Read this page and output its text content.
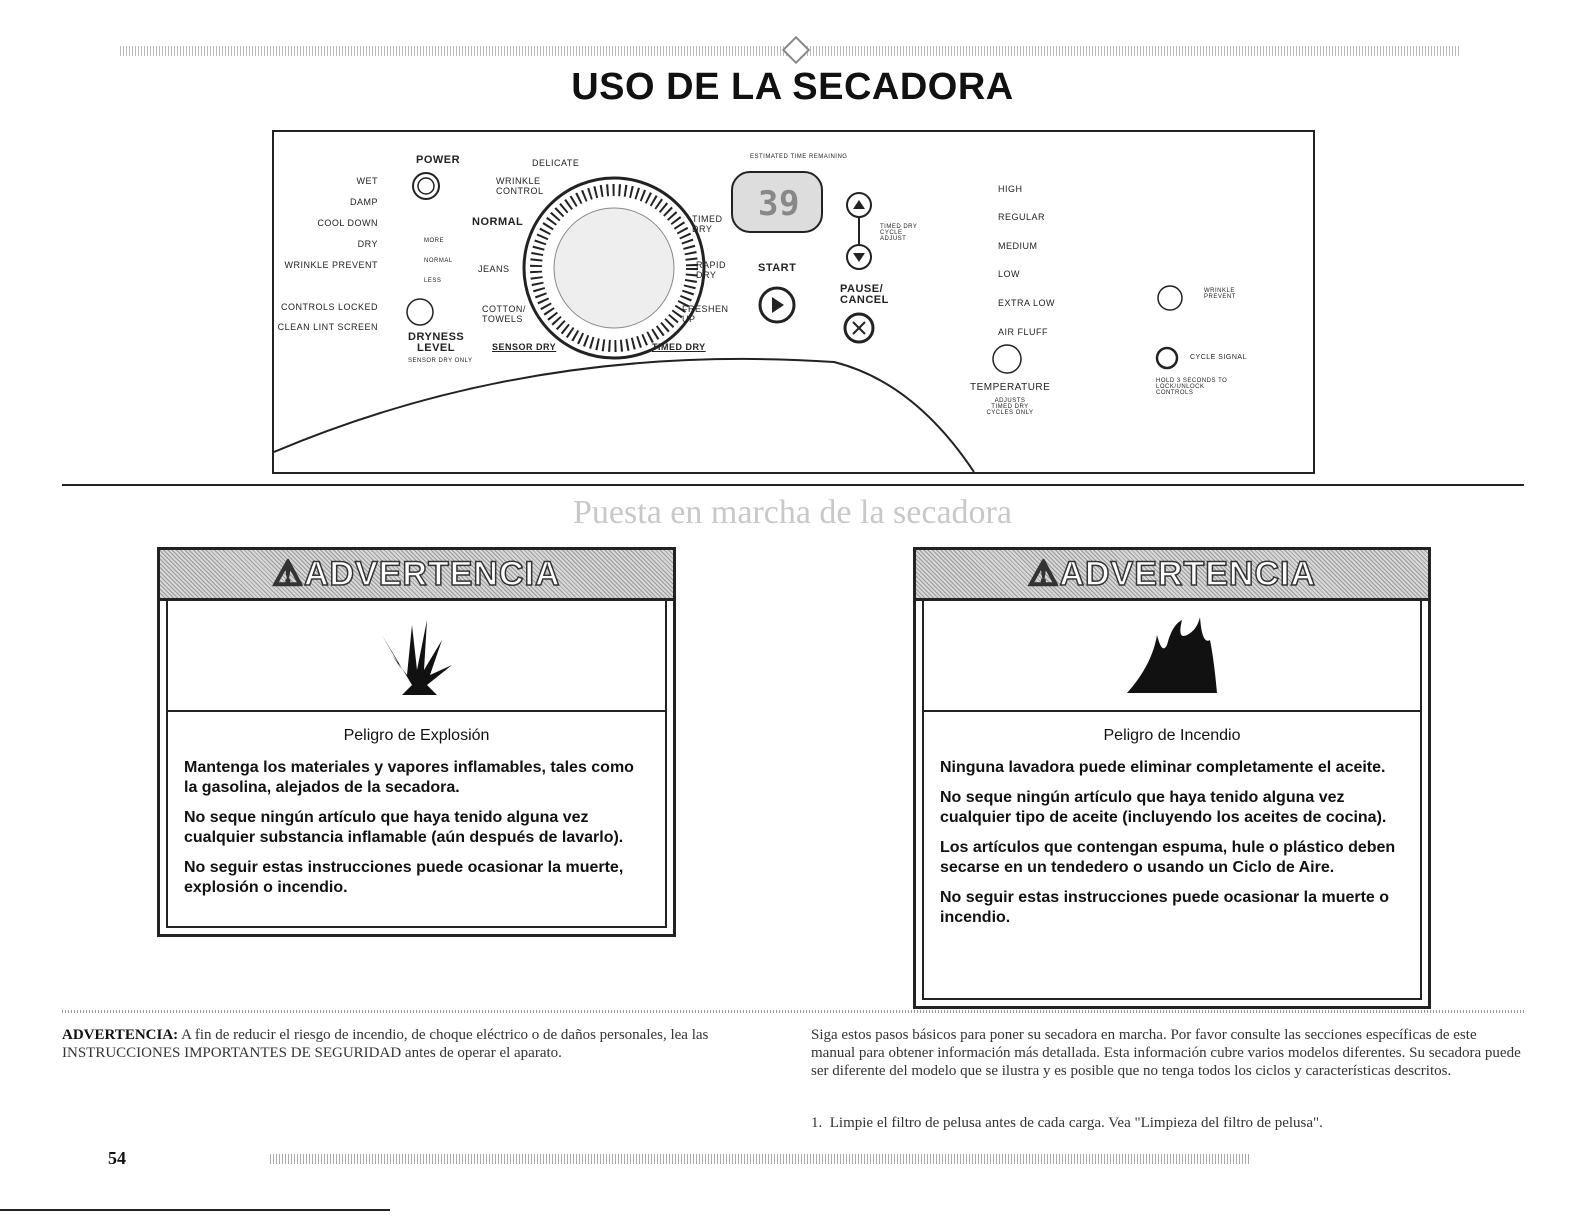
USO DE LA SECADORA
POWER
WET
DAMP
COOL DOWN
DRY
WRINKLE PREVENT
CONTROLS LOCKED
CLEAN LINT SCREEN
MORE
NORMAL
LESS
DRYNESS LEVEL
SENSOR DRY ONLY
DELICATE
WRINKLE CONTROL
NORMAL
JEANS
COTTON/ TOWELS
TIMED DRY
RAPID DRY
FRESHEN UP
SENSOR DRY	TIMED DRY
ESTIMATED TIME REMAINING
39
TIMED DRY CYCLE ADJUST
START
PAUSE/ CANCEL
HIGH
REGULAR
MEDIUM
LOW
EXTRA LOW
AIR FLUFF
TEMPERATURE
ADJUSTS TIMED DRY CYCLES ONLY
WRINKLE PREVENT
CYCLE SIGNAL
HOLD 3 SECONDS TO LOCK/UNLOCK CONTROLS
Puesta en marcha de la secadora
⚠ ADVERTENCIA
Peligro de Explosión

Mantenga los materiales y vapores inflamables, tales como la gasolina, alejados de la secadora.

No seque ningún artículo que haya tenido alguna vez cualquier substancia inflamable (aún después de lavarlo).

No seguir estas instrucciones puede ocasionar la muerte, explosión o incendio.

⚠ ADVERTENCIA
Peligro de Incendio

Ninguna lavadora puede eliminar completamente el aceite.

No seque ningún artículo que haya tenido alguna vez cualquier tipo de aceite (incluyendo los aceites de cocina).

Los artículos que contengan espuma, hule o plástico deben secarse en un tendedero o usando un Ciclo de Aire.

No seguir estas instrucciones puede ocasionar la muerte o incendio.

ADVERTENCIA: A fin de reducir el riesgo de incendio, de choque eléctrico o de daños personales, lea las INSTRUCCIONES IMPORTANTES DE SEGURIDAD antes de operar el aparato.
Siga estos pasos básicos para poner su secadora en marcha. Por favor consulte las secciones específicas de este manual para obtener información más detallada. Esta información cubre varios modelos diferentes. Su secadora puede ser diferente del modelo que se ilustra y es posible que no tenga todos los ciclos y características descritos.
1. Limpie el filtro de pelusa antes de cada carga. Vea "Limpieza del filtro de pelusa".
54
